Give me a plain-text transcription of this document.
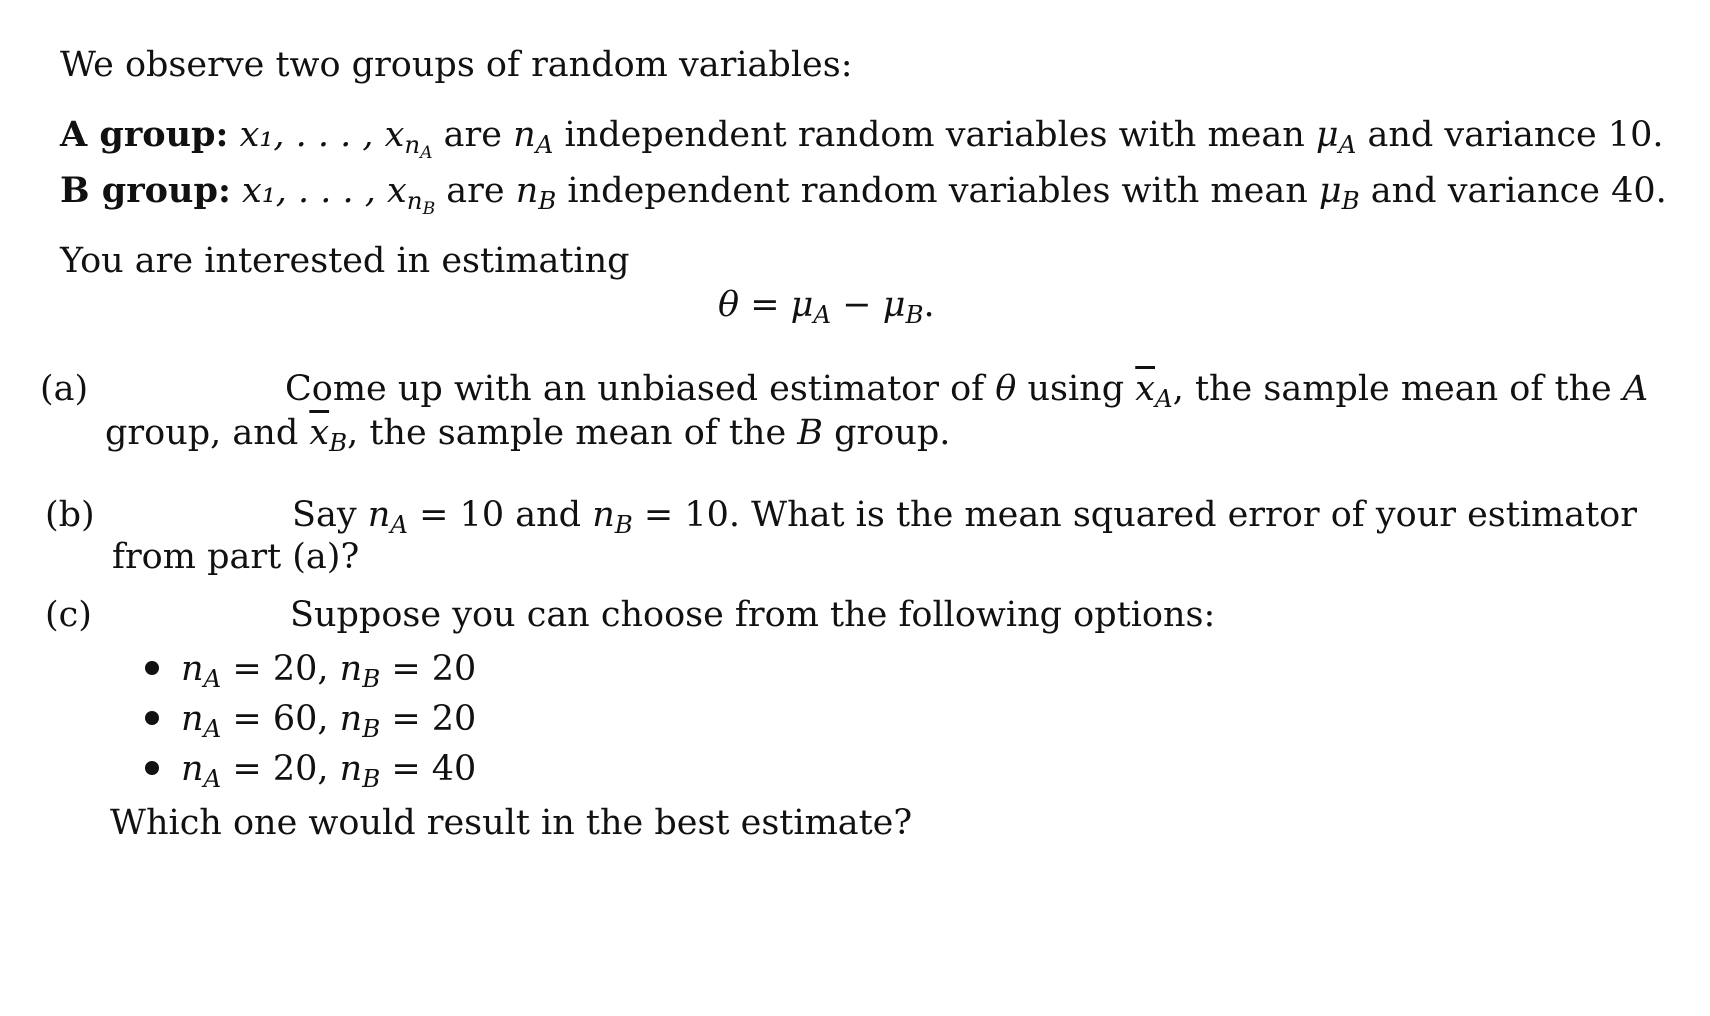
We observe two groups of random variables:
A group: x₁, . . . , $x_{n_A}$ are $n_A$ independent random variables with mean $\mu_A$ and variance 10.
B group: x₁, . . . , $x_{n_B}$ are $n_B$ independent random variables with mean $\mu_B$ and variance 40.
You are interested in estimating
$\theta = \mu_A - \mu_B$.
(a)	Come up with an unbiased estimator of θ using $\overline{x}_A$, the sample mean of the A
group, and $\overline{x}_B$, the sample mean of the B group.
(b)	Say $n_A = 10$ and $n_B = 10$. What is the mean squared error of your estimator
from part (a)?
(c)	Suppose you can choose from the following options:
$n_A = 20$, $n_B = 20$
$n_A = 60$, $n_B = 20$
$n_A = 20$, $n_B = 40$
Which one would result in the best estimate?
